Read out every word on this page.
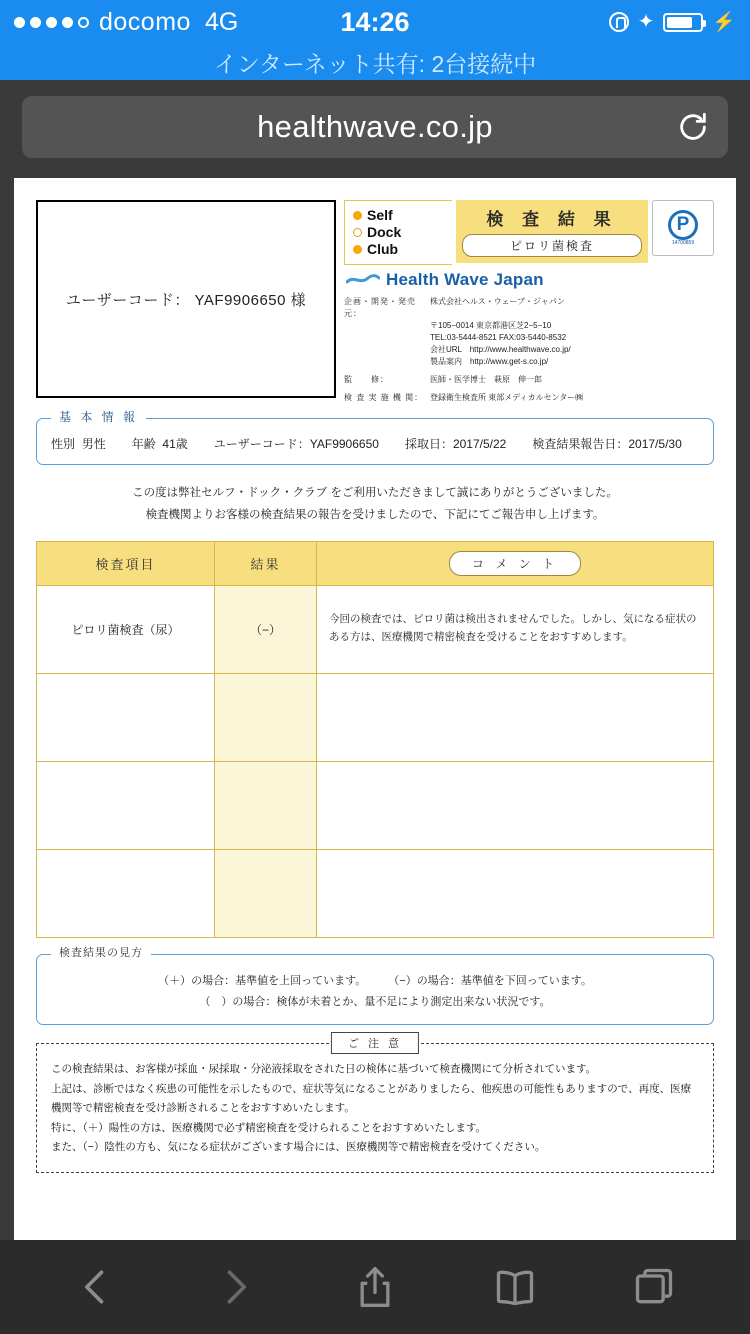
docomo 4G	14:26	✦	⚡
インターネット共有: 2台接続中
healthwave.co.jp
ユーザーコード： YAF9906650 様
Self
Dock
Club
検 査 結 果
ピロリ菌検査
P	14700859
Health Wave Japan
企画・開発・発売元：
株式会社ヘルス・ウェーブ・ジャパン
〒105−0014 東京都港区芝2−5−10
TEL:03-5444-8521 FAX:03-5440-8532
会社URL　http://www.healthwave.co.jp/
製品案内　http://www.get-s.co.jp/
監　　修：	医師・医学博士　萩原　伸一郎
検 査 実 施 機 関： 登録衛生検査所 東部メディカルセンター㈱
基 本 情 報
性別 男性 年齢 41歳 ユーザーコード：YAF9906650 採取日：2017/5/22 検査結果報告日：2017/5/30
この度は弊社セルフ・ドック・クラブ をご利用いただきまして誠にありがとうございました。
検査機関よりお客様の検査結果の報告を受けましたので、下記にてご報告申し上げます。
検査項目	結果	コ メ ン ト
ピロリ菌検査（尿）	（−）	今回の検査では、ピロリ菌は検出されませんでした。しかし、気になる症状のある方は、医療機関で精密検査を受けることをおすすめします。

検査結果の見方
（＋）の場合：基準値を上回っています。　　　（−）の場合：基準値を下回っています。
（　）の場合：検体が未着とか、量不足により測定出来ない状況です。
ご 注 意

この検査結果は、お客様が採血・尿採取・分泌液採取をされた日の検体に基づいて検査機関にて分析されています。

上記は、診断ではなく疾患の可能性を示したもので、症状等気になることがありましたら、他疾患の可能性もありますので、再度、医療機関等で精密検査を受け診断されることをおすすめいたします。

特に、（＋）陽性の方は、医療機関で必ず精密検査を受けられることをおすすめいたします。

また、（−）陰性の方も、気になる症状がございます場合には、医療機関等で精密検査を受けてください。
